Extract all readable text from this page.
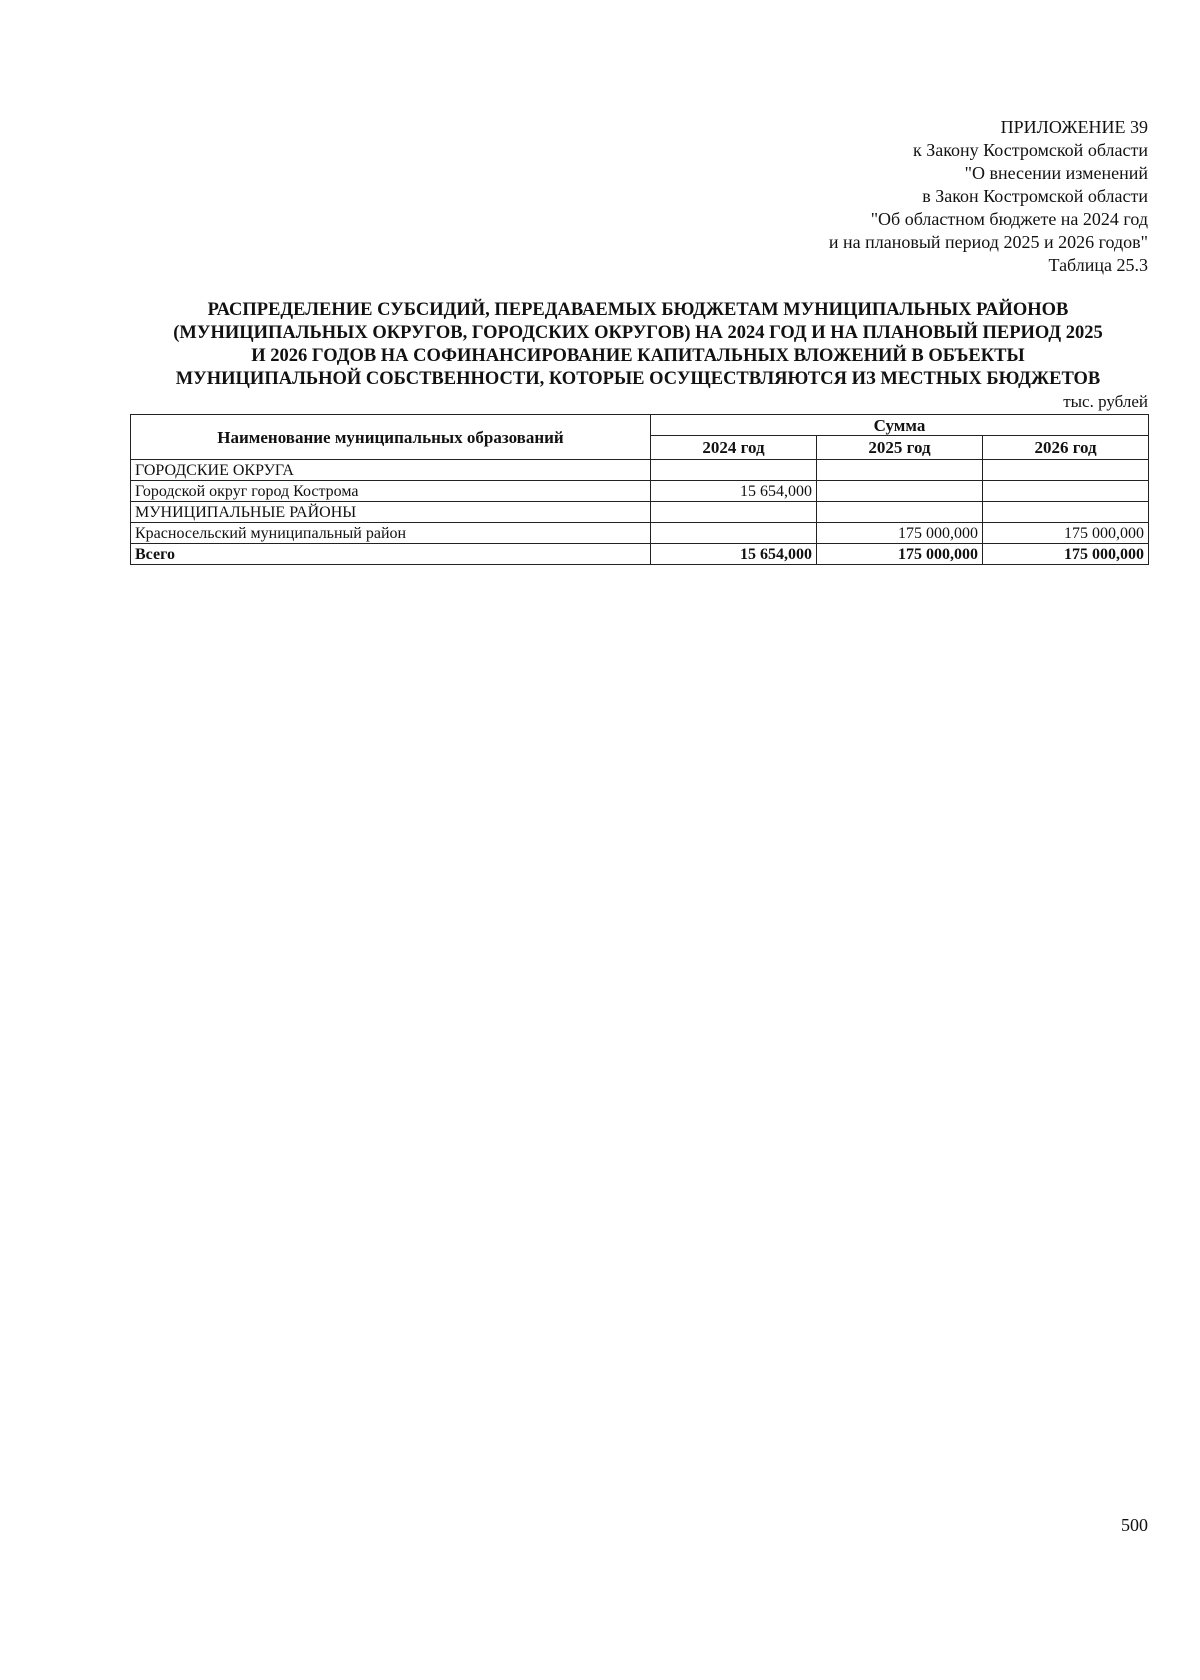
ПРИЛОЖЕНИЕ 39
к Закону Костромской области
"О внесении изменений
в Закон Костромской области
"Об областном бюджете на 2024 год
и на плановый период 2025 и 2026 годов"
Таблица 25.3
РАСПРЕДЕЛЕНИЕ СУБСИДИЙ, ПЕРЕДАВАЕМЫХ БЮДЖЕТАМ МУНИЦИПАЛЬНЫХ РАЙОНОВ
(МУНИЦИПАЛЬНЫХ ОКРУГОВ, ГОРОДСКИХ ОКРУГОВ) НА 2024 ГОД И НА ПЛАНОВЫЙ ПЕРИОД 2025
И 2026 ГОДОВ НА СОФИНАНСИРОВАНИЕ КАПИТАЛЬНЫХ ВЛОЖЕНИЙ В ОБЪЕКТЫ
МУНИЦИПАЛЬНОЙ СОБСТВЕННОСТИ, КОТОРЫЕ ОСУЩЕСТВЛЯЮТСЯ ИЗ МЕСТНЫХ БЮДЖЕТОВ
тыс. рублей
Наименование муниципальных образований	Сумма		
	2024 год	2025 год	2026 год
ГОРОДСКИЕ ОКРУГА			
Городской округ город Кострома	15 654,000		
МУНИЦИПАЛЬНЫЕ РАЙОНЫ			
Красносельский муниципальный район		175 000,000	175 000,000
Всего	15 654,000	175 000,000	175 000,000
500
